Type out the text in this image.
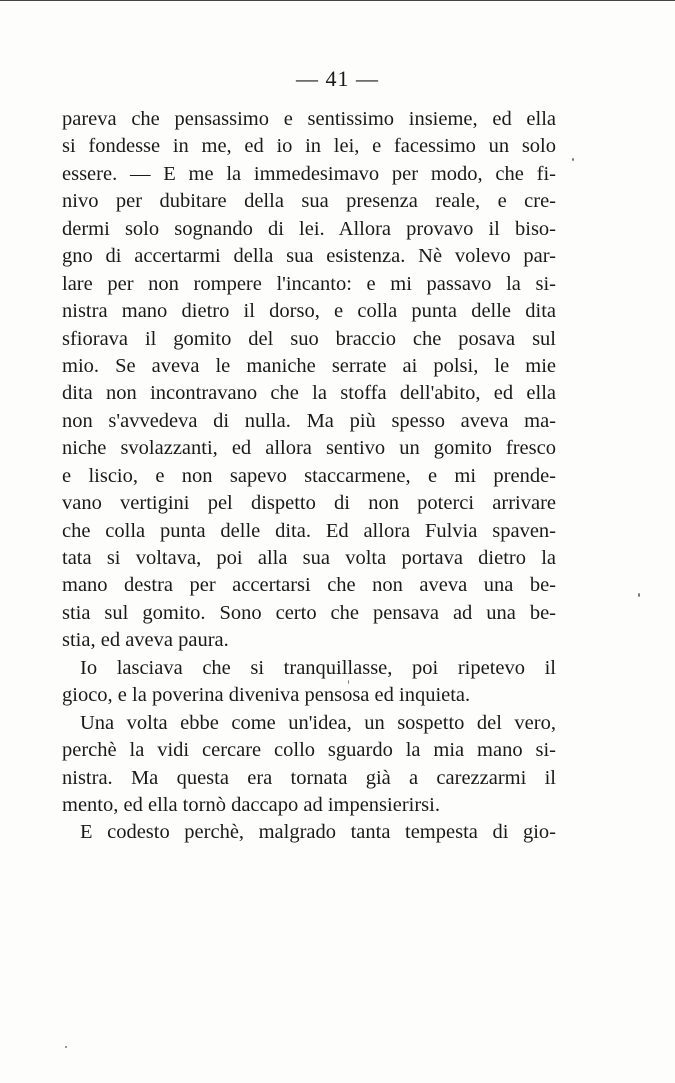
— 41 —
pareva che pensassimo e sentissimo insieme, ed ella
si fondesse in me, ed io in lei, e facessimo un solo
essere. — E me la immedesimavo per modo, che fi-
nivo per dubitare della sua presenza reale, e cre-
dermi solo sognando di lei. Allora provavo il biso-
gno di accertarmi della sua esistenza. Nè volevo par-
lare per non rompere l'incanto: e mi passavo la si-
nistra mano dietro il dorso, e colla punta delle dita
sfiorava il gomito del suo braccio che posava sul
mio. Se aveva le maniche serrate ai polsi, le mie
dita non incontravano che la stoffa dell'abito, ed ella
non s'avvedeva di nulla. Ma più spesso aveva ma-
niche svolazzanti, ed allora sentivo un gomito fresco
e liscio, e non sapevo staccarmene, e mi prende-
vano vertigini pel dispetto di non poterci arrivare
che colla punta delle dita. Ed allora Fulvia spaven-
tata si voltava, poi alla sua volta portava dietro la
mano destra per accertarsi che non aveva una be-
stia sul gomito. Sono certo che pensava ad una be-
stia, ed aveva paura.
Io lasciava che si tranquillasse, poi ripetevo il
gioco, e la poverina diveniva pensosa ed inquieta.
Una volta ebbe come un'idea, un sospetto del vero,
perchè la vidi cercare collo sguardo la mia mano si-
nistra. Ma questa era tornata già a carezzarmi il
mento, ed ella tornò daccapo ad impensierirsi.
E codesto perchè, malgrado tanta tempesta di gio-
